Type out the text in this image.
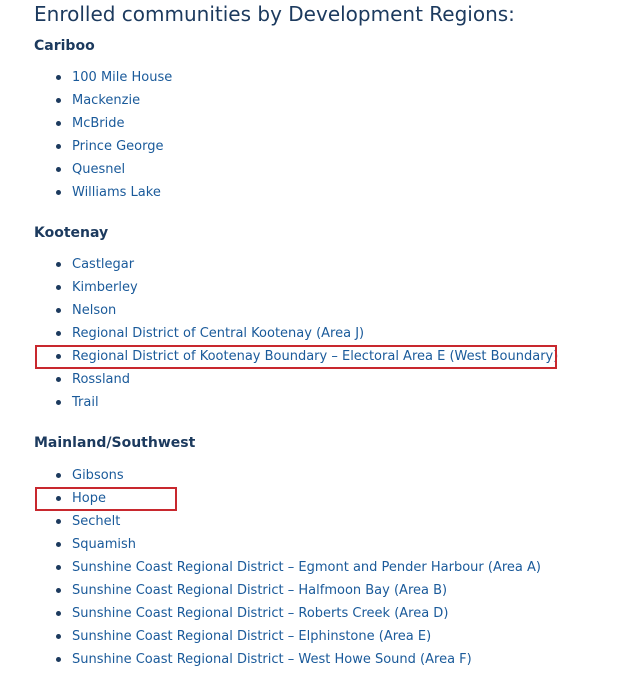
Enrolled communities by Development Regions:
Cariboo
100 Mile House
Mackenzie
McBride
Prince George
Quesnel
Williams Lake
Kootenay
Castlegar
Kimberley
Nelson
Regional District of Central Kootenay (Area J)
Regional District of Kootenay Boundary – Electoral Area E (West Boundary)
Rossland
Trail
Mainland/Southwest
Gibsons
Hope
Sechelt
Squamish
Sunshine Coast Regional District – Egmont and Pender Harbour (Area A)
Sunshine Coast Regional District – Halfmoon Bay (Area B)
Sunshine Coast Regional District – Roberts Creek (Area D)
Sunshine Coast Regional District – Elphinstone (Area E)
Sunshine Coast Regional District – West Howe Sound (Area F)
